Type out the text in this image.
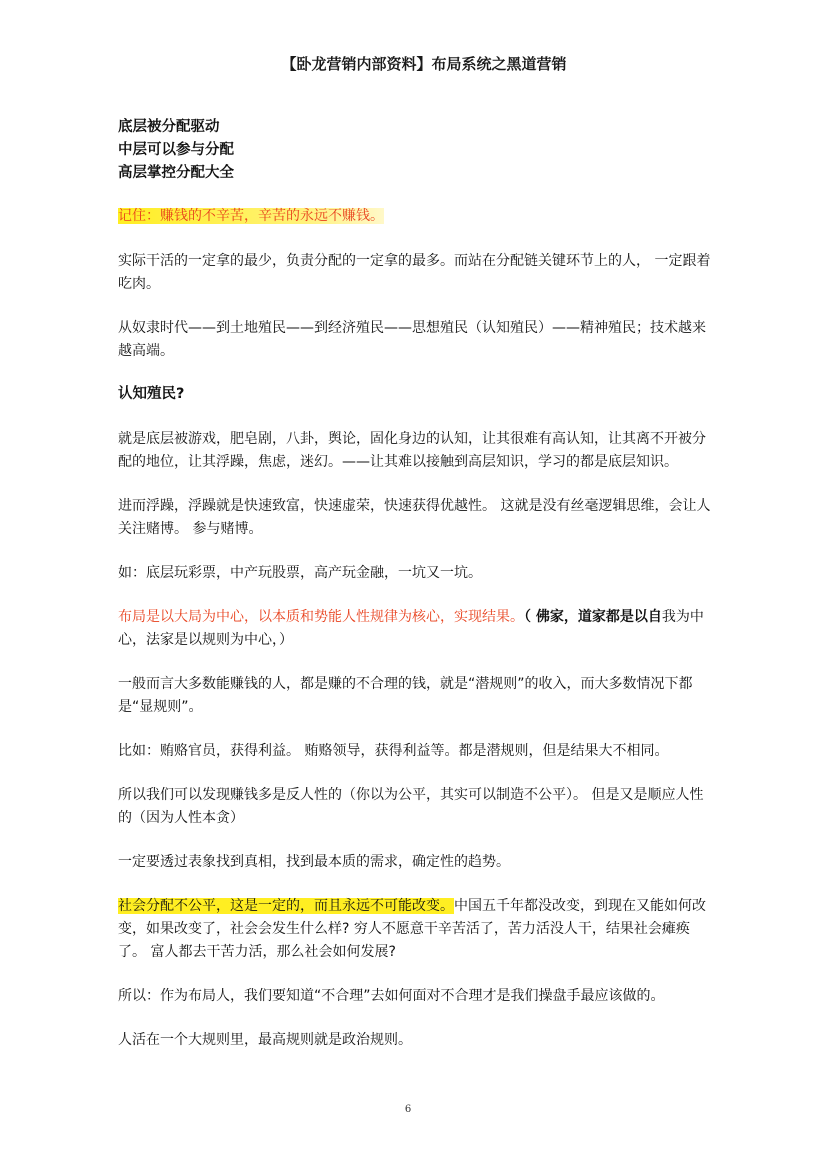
【卧龙营销内部资料】布局系统之黑道营销

底层被分配驱动

中层可以参与分配

高层掌控分配大全

记住：赚钱的不辛苦，辛苦的永远不赚钱。

实际干活的一定拿的最少，负责分配的一定拿的最多。而站在分配链关键环节上的人， 一定跟着吃肉。

从奴隶时代——到土地殖民——到经济殖民——思想殖民（认知殖民）——精神殖民；技术越来越高端。

认知殖民?

就是底层被游戏，肥皂剧，八卦，舆论，固化身边的认知，让其很难有高认知，让其离不开被分配的地位，让其浮躁，焦虑，迷幻。——让其难以接触到高层知识，学习的都是底层知识。

进而浮躁，浮躁就是快速致富，快速虚荣，快速获得优越性。 这就是没有丝毫逻辑思维，会让人关注赌博。 参与赌博。

如：底层玩彩票，中产玩股票，高产玩金融，一坑又一坑。

布局是以大局为中心，以本质和势能人性规律为核心，实现结果。（ 佛家，道家都是以自我为中心，法家是以规则为中心，）

一般而言大多数能赚钱的人，都是赚的不合理的钱，就是“潜规则”的收入，而大多数情况下都是“显规则”。

比如：贿赂官员，获得利益。 贿赂领导，获得利益等。都是潜规则，但是结果大不相同。

所以我们可以发现赚钱多是反人性的（你以为公平，其实可以制造不公平）。 但是又是顺应人性的（因为人性本贪）

一定要透过表象找到真相，找到最本质的需求，确定性的趋势。

社会分配不公平，这是一定的，而且永远不可能改变。中国五千年都没改变，到现在又能如何改变，如果改变了，社会会发生什么样? 穷人不愿意干辛苦活了，苦力活没人干，结果社会瘫痪了。 富人都去干苦力活，那么社会如何发展?

所以：作为布局人，我们要知道“不合理”去如何面对不合理才是我们操盘手最应该做的。

人活在一个大规则里，最高规则就是政治规则。

6
